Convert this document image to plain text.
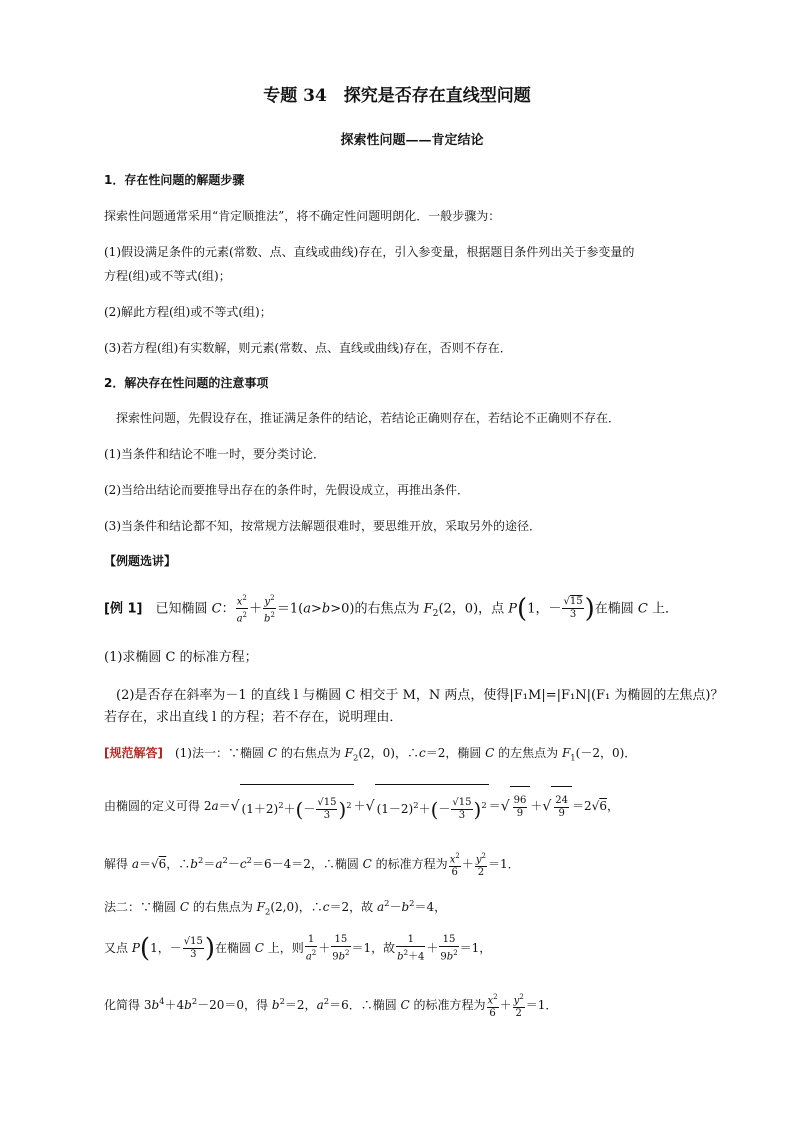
专题 34　探究是否存在直线型问题
探索性问题——肯定结论
1．存在性问题的解题步骤
探索性问题通常采用“肯定顺推法”，将不确定性问题明朗化．一般步骤为：
(1)假设满足条件的元素(常数、点、直线或曲线)存在，引入参变量，根据题目条件列出关于参变量的
方程(组)或不等式(组)；
(2)解此方程(组)或不等式(组)；
(3)若方程(组)有实数解，则元素(常数、点、直线或曲线)存在，否则不存在．
2．解决存在性问题的注意事项
探索性问题，先假设存在，推证满足条件的结论，若结论正确则存在，若结论不正确则不存在．
(1)当条件和结论不唯一时，要分类讨论．
(2)当给出结论而要推导出存在的条件时，先假设成立，再推出条件．
(3)当条件和结论都不知，按常规方法解题很难时，要思维开放，采取另外的途径．
【例题选讲】
[例 1]　已知椭圆 C： $\frac{x^2}{a^2} + \frac{y^2}{b^2} =1(a>b>0)$的右焦点为 $F_2(2$，0)，点 P(1，－ $\frac{√15}{3}$ )在椭圆 C 上．
(1)求椭圆 C 的标准方程；
(2)是否存在斜率为－1 的直线 l 与椭圆 C 相交于 M，N 两点，使得|F₁M|=|F₁N|(F₁ 为椭圆的左焦点)？
若存在，求出直线 l 的方程；若不存在，说明理由．
[规范解答]　(1)法一：∵椭圆 C 的右焦点为 $F_2(2$，0)，∴c＝2，椭圆 C 的左焦点为 $F_1(-2$，0)．
由椭圆的定义可得 2a＝√ $(1+2)^2+(- \frac{√15}{3} )^2$ ＋√ $(1-2)^2+(- \frac{√15}{3} )^2$ ＝√ $\frac{96}{9}$ ＋√ $\frac{24}{9} =2√6$，
解得 a＝√6，$\therefore b^2=a^2-c^2=6-4=2$，∴椭圆 C 的标准方程为 $\frac{x^2}{6} + \frac{y^2}{2} =1$．
法二：∵椭圆 C 的右焦点为 $F_2(2,0)$，∴c＝2，故 $a^2-b^2=4$，
又点 P(1，－ $\frac{√15}{3}$ )在椭圆 C 上，则 $\frac{1}{a^2} + \frac{15}{9b^2} =1$，故 $\frac{1}{b^2+4} + \frac{15}{9b^2} =1$，
化简得 $3b^4+4b^2-20=0$，得 $b^2=2$，$a^2=6$．∴椭圆 C 的标准方程为 $\frac{x^2}{6} + \frac{y^2}{2} =1$．
